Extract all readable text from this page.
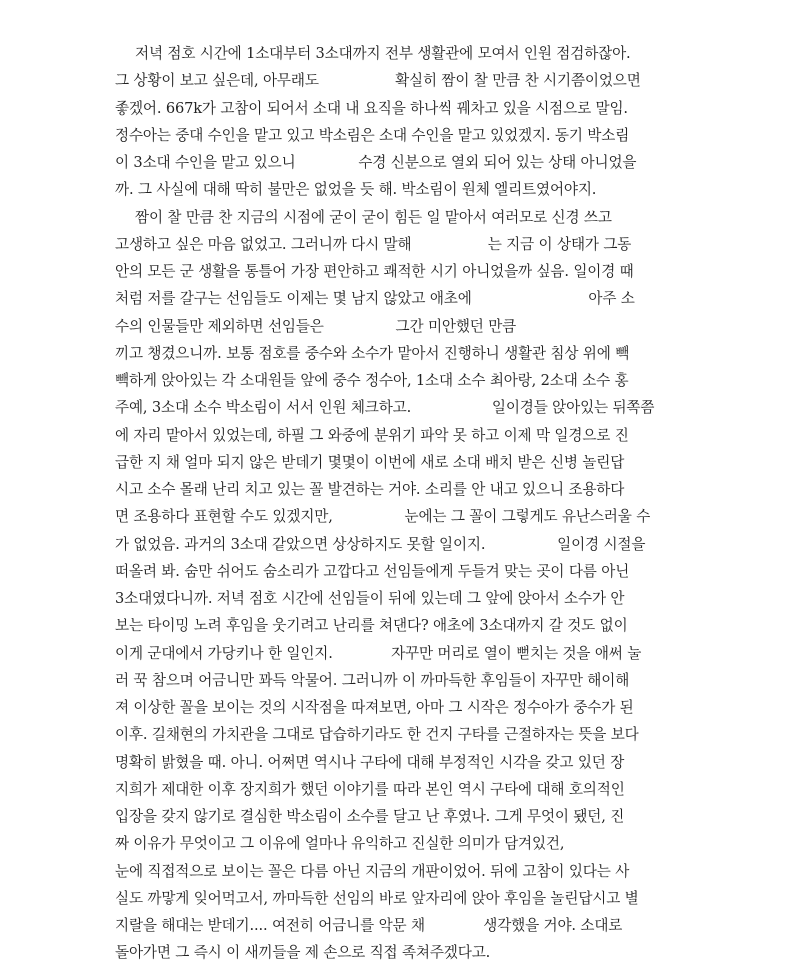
저녁 점호 시간에 1소대부터 3소대까지 전부 생활관에 모여서 인원 점검하잖아.
그 상황이 보고 싶은데, 아무래도                 확실히 짬이 찰 만큼 찬 시기쯤이었으면
좋겠어. 667k가 고참이 되어서 소대 내 요직을 하나씩 꿰차고 있을 시점으로 말임.
정수아는 중대 수인을 맡고 있고 박소림은 소대 수인을 맡고 있었겠지. 동기 박소림
이 3소대 수인을 맡고 있으니              수경 신분으로 열외 되어 있는 상태 아니었을
까. 그 사실에 대해 딱히 불만은 없었을 듯 해. 박소림이 원체 엘리트였어야지.
짬이 찰 만큼 찬 지금의 시점에 굳이 굳이 힘든 일 맡아서 여러모로 신경 쓰고
고생하고 싶은 마음 없었고. 그러니까 다시 말해                 는 지금 이 상태가 그동
안의 모든 군 생활을 통틀어 가장 편안하고 쾌적한 시기 아니었을까 싶음. 일이경 때
처럼 저를 갈구는 선임들도 이제는 몇 남지 않았고 애초에                          아주 소
수의 인물들만 제외하면 선임들은                그간 미안했던 만큼
끼고 챙겼으니까. 보통 점호를 중수와 소수가 맡아서 진행하니 생활관 침상 위에 빽
빽하게 앉아있는 각 소대원들 앞에 중수 정수아, 1소대 소수 최아랑, 2소대 소수 홍
주예, 3소대 소수 박소림이 서서 인원 체크하고.                  일이경들 앉아있는 뒤쪽쯤
에 자리 맡아서 있었는데, 하필 그 와중에 분위기 파악 못 하고 이제 막 일경으로 진
급한 지 채 얼마 되지 않은 받데기 몇몇이 이번에 새로 소대 배치 받은 신병 놀린답
시고 소수 몰래 난리 치고 있는 꼴 발견하는 거야. 소리를 안 내고 있으니 조용하다
면 조용하다 표현할 수도 있겠지만,                눈에는 그 꼴이 그렇게도 유난스러울 수
가 없었음. 과거의 3소대 같았으면 상상하지도 못할 일이지.                일이경 시절을
떠올려 봐. 숨만 쉬어도 숨소리가 고깝다고 선임들에게 두들겨 맞는 곳이 다름 아닌
3소대였다니까. 저녁 점호 시간에 선임들이 뒤에 있는데 그 앞에 앉아서 소수가 안
보는 타이밍 노려 후임을 웃기려고 난리를 쳐댄다? 애초에 3소대까지 갈 것도 없이
이게 군대에서 가당키나 한 일인지.             자꾸만 머리로 열이 뻗치는 것을 애써 눌
러 꾹 참으며 어금니만 꽈득 악물어. 그러니까 이 까마득한 후임들이 자꾸만 해이해
져 이상한 꼴을 보이는 것의 시작점을 따져보면, 아마 그 시작은 정수아가 중수가 된
이후. 길채현의 가치관을 그대로 답습하기라도 한 건지 구타를 근절하자는 뜻을 보다
명확히 밝혔을 때. 아니. 어쩌면 역시나 구타에 대해 부정적인 시각을 갖고 있던 장
지희가 제대한 이후 장지희가 했던 이야기를 따라 본인 역시 구타에 대해 호의적인
입장을 갖지 않기로 결심한 박소림이 소수를 달고 난 후였나. 그게 무엇이 됐던, 진
짜 이유가 무엇이고 그 이유에 얼마나 유익하고 진실한 의미가 담겨있건,
눈에 직접적으로 보이는 꼴은 다름 아닌 지금의 개판이었어. 뒤에 고참이 있다는 사
실도 까맣게 잊어먹고서, 까마득한 선임의 바로 앞자리에 앉아 후임을 놀린답시고 별
지랄을 해대는 받데기.... 여전히 어금니를 악문 채             생각했을 거야. 소대로
돌아가면 그 즉시 이 새끼들을 제 손으로 직접 족쳐주겠다고.
